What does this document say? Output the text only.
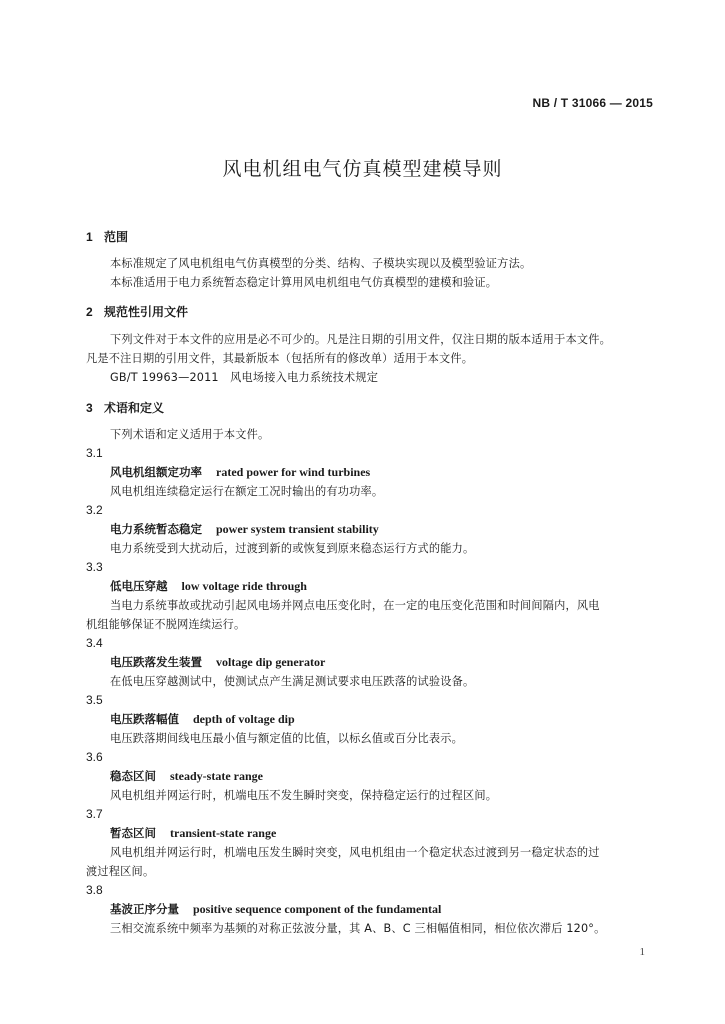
NB / T 31066 — 2015
风电机组电气仿真模型建模导则
1 范围
本标准规定了风电机组电气仿真模型的分类、结构、子模块实现以及模型验证方法。
本标准适用于电力系统暂态稳定计算用风电机组电气仿真模型的建模和验证。
2 规范性引用文件
下列文件对于本文件的应用是必不可少的。凡是注日期的引用文件，仅注日期的版本适用于本文件。
凡是不注日期的引用文件，其最新版本（包括所有的修改单）适用于本文件。
GB/T 19963—2011　风电场接入电力系统技术规定
3 术语和定义
下列术语和定义适用于本文件。
3.1
风电机组额定功率 rated power for wind turbines
风电机组连续稳定运行在额定工况时输出的有功功率。
3.2
电力系统暂态稳定 power system transient stability
电力系统受到大扰动后，过渡到新的或恢复到原来稳态运行方式的能力。
3.3
低电压穿越 low voltage ride through
当电力系统事故或扰动引起风电场并网点电压变化时，在一定的电压变化范围和时间间隔内，风电
机组能够保证不脱网连续运行。
3.4
电压跌落发生装置 voltage dip generator
在低电压穿越测试中，使测试点产生满足测试要求电压跌落的试验设备。
3.5
电压跌落幅值 depth of voltage dip
电压跌落期间线电压最小值与额定值的比值，以标幺值或百分比表示。
3.6
稳态区间 steady-state range
风电机组并网运行时，机端电压不发生瞬时突变，保持稳定运行的过程区间。
3.7
暂态区间 transient-state range
风电机组并网运行时，机端电压发生瞬时突变，风电机组由一个稳定状态过渡到另一稳定状态的过
渡过程区间。
3.8
基波正序分量 positive sequence component of the fundamental
三相交流系统中频率为基频的对称正弦波分量，其 A、B、C 三相幅值相同，相位依次滞后 120°。
1
